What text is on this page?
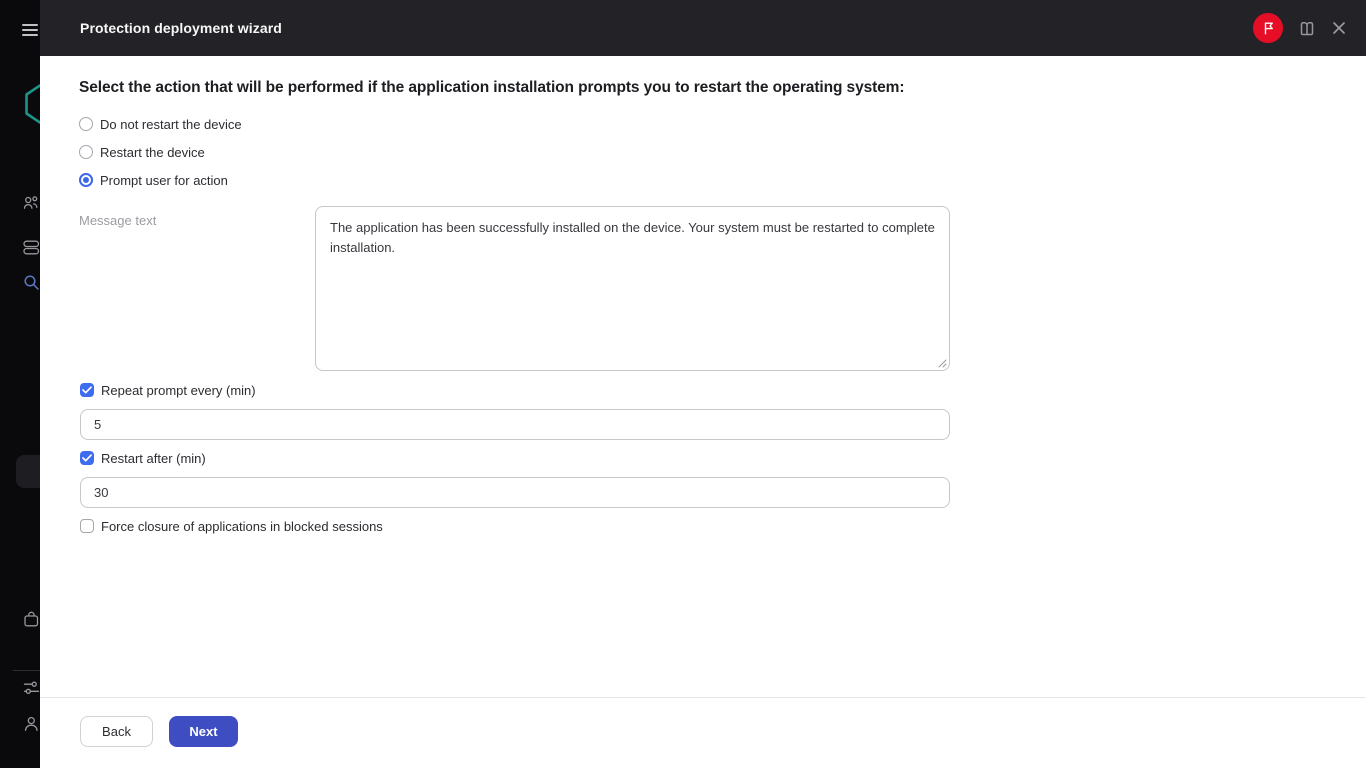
Protection deployment wizard
Select the action that will be performed if the application installation prompts you to restart the operating system:
Do not restart the device
Restart the device
Prompt user for action
Message text
The application has been successfully installed on the device. Your system must be restarted to complete installation.
Repeat prompt every (min)
5
Restart after (min)
30
Force closure of applications in blocked sessions
Back	Next
